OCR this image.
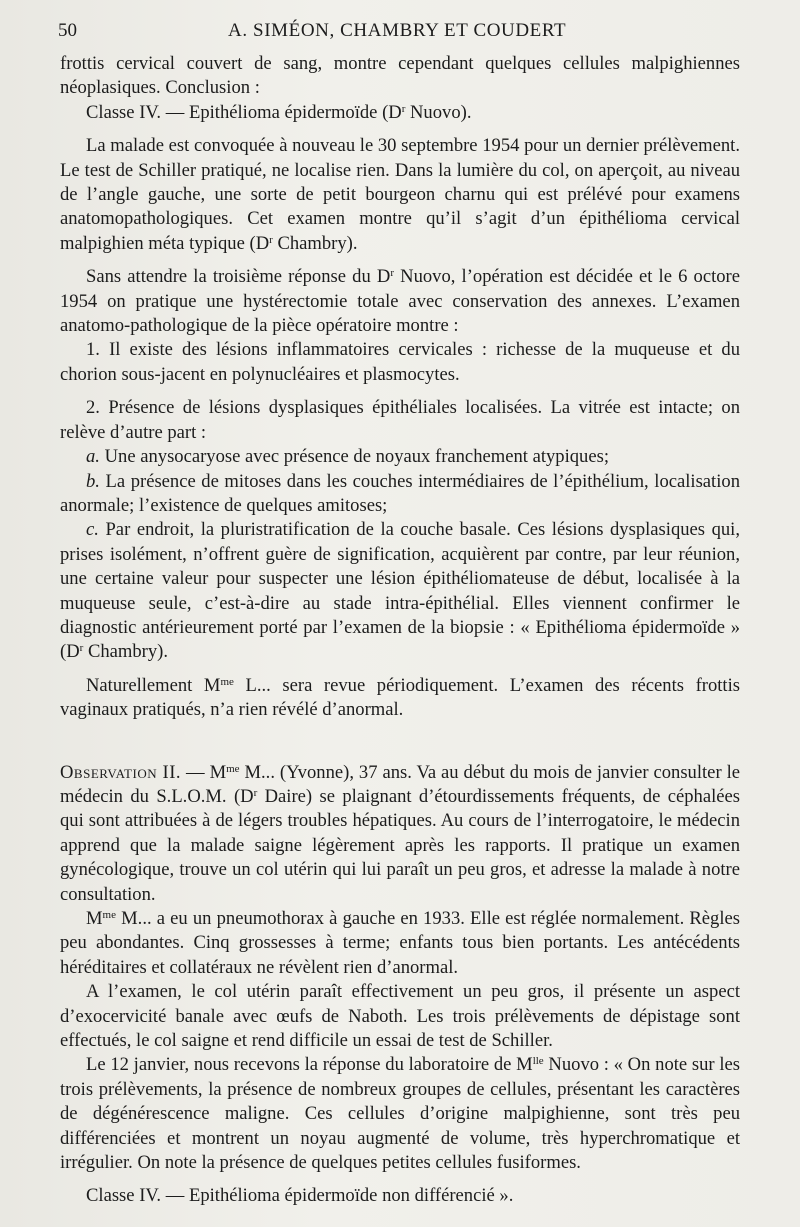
50	A. SIMÉON, CHAMBRY ET COUDERT

frottis cervical couvert de sang, montre cependant quelques cellules malpighiennes néoplasiques. Conclusion :

Classe IV. — Epithélioma épidermoïde ($D^r$ Nuovo).

La malade est convoquée à nouveau le 30 septembre 1954 pour un dernier prélèvement. Le test de Schiller pratiqué, ne localise rien. Dans la lumière du col, on aperçoit, au niveau de l’angle gauche, une sorte de petit bourgeon charnu qui est prélévé pour examens anatomopathologiques. Cet examen montre qu’il s’agit d’un épithélioma cervical malpighien méta typique ($D^r$ Chambry).

Sans attendre la troisième réponse du $D^r$ Nuovo, l’opération est décidée et le 6 octore 1954 on pratique une hystérectomie totale avec conservation des annexes. L’examen anatomo-pathologique de la pièce opératoire montre :

1. Il existe des lésions inflammatoires cervicales : richesse de la muqueuse et du chorion sous-jacent en polynucléaires et plasmocytes.

2. Présence de lésions dysplasiques épithéliales localisées. La vitrée est intacte; on relève d’autre part :

a. Une anysocaryose avec présence de noyaux franchement atypiques;

b. La présence de mitoses dans les couches intermédiaires de l’épithélium, localisation anormale; l’existence de quelques amitoses;

c. Par endroit, la pluristratification de la couche basale. Ces lésions dysplasiques qui, prises isolément, n’offrent guère de signification, acquièrent par contre, par leur réunion, une certaine valeur pour suspecter une lésion épithéliomateuse de début, localisée à la muqueuse seule, c’est-à-dire au stade intra-épithélial. Elles viennent confirmer le diagnostic antérieurement porté par l’examen de la biopsie : « Epithélioma épidermoïde » ($D^r$ Chambry).

Naturellement $M^{me}$ L... sera revue périodiquement. L’examen des récents frottis vaginaux pratiqués, n’a rien révélé d’anormal.

Observation II. — $M^{me}$ M... (Yvonne), 37 ans. Va au début du mois de janvier consulter le médecin du S.L.O.M. ($D^r$ Daire) se plaignant d’étourdissements fréquents, de céphalées qui sont attribuées à de légers troubles hépatiques. Au cours de l’interrogatoire, le médecin apprend que la malade saigne légèrement après les rapports. Il pratique un examen gynécologique, trouve un col utérin qui lui paraît un peu gros, et adresse la malade à notre consultation.

$M^{me}$ M... a eu un pneumothorax à gauche en 1933. Elle est réglée normalement. Règles peu abondantes. Cinq grossesses à terme; enfants tous bien portants. Les antécédents héréditaires et collatéraux ne révèlent rien d’anormal.

A l’examen, le col utérin paraît effectivement un peu gros, il présente un aspect d’exocervicité banale avec œufs de Naboth. Les trois prélèvements de dépistage sont effectués, le col saigne et rend difficile un essai de test de Schiller.

Le 12 janvier, nous recevons la réponse du laboratoire de $M^{lle}$ Nuovo : « On note sur les trois prélèvements, la présence de nombreux groupes de cellules, présentant les caractères de dégénérescence maligne. Ces cellules d’origine malpighienne, sont très peu différenciées et montrent un noyau augmenté de volume, très hyperchromatique et irrégulier. On note la présence de quelques petites cellules fusiformes.

Classe IV. — Epithélioma épidermoïde non différencié ».
